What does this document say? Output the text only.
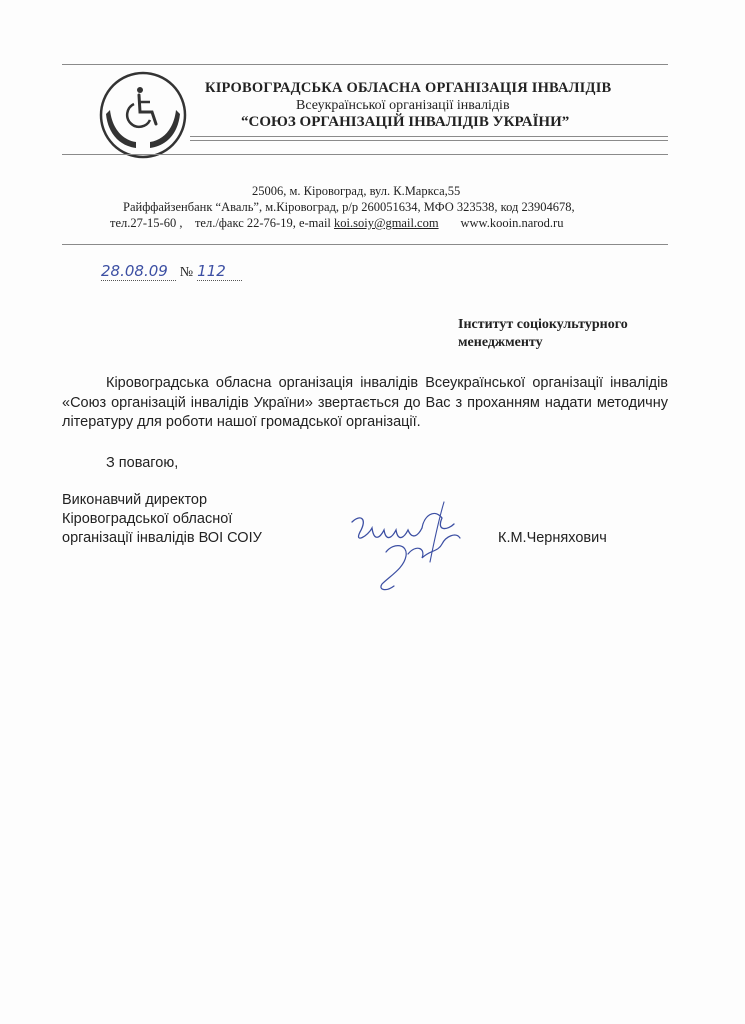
КІРОВОГРАДСЬКА ОБЛАСНА ОРГАНІЗАЦІЯ ІНВАЛІДІВ
Всеукраїнської організації інвалідів
“СОЮЗ ОРГАНІЗАЦІЙ ІНВАЛІДІВ УКРАЇНИ”
25006, м. Кіровоград, вул. К.Маркса,55
Райффайзенбанк “Аваль”, м.Кіровоград, р/р 260051634, МФО 323538, код 23904678,
тел.27-15-60 , тел./факс 22-76-19, e-mail koi.soiy@gmail.com www.kooin.narod.ru
28.08.09 № 112
Інститут соціокультурного
менеджменту
Кіровоградська обласна організація інвалідів Всеукраїнської організації інвалідів «Союз організацій інвалідів України» звертається до Вас з проханням надати методичну літературу для роботи нашої громадської організації.
З повагою,
Виконавчий директор
Кіровоградської обласної
організації інвалідів ВОІ СОІУ	К.М.Черняхович
